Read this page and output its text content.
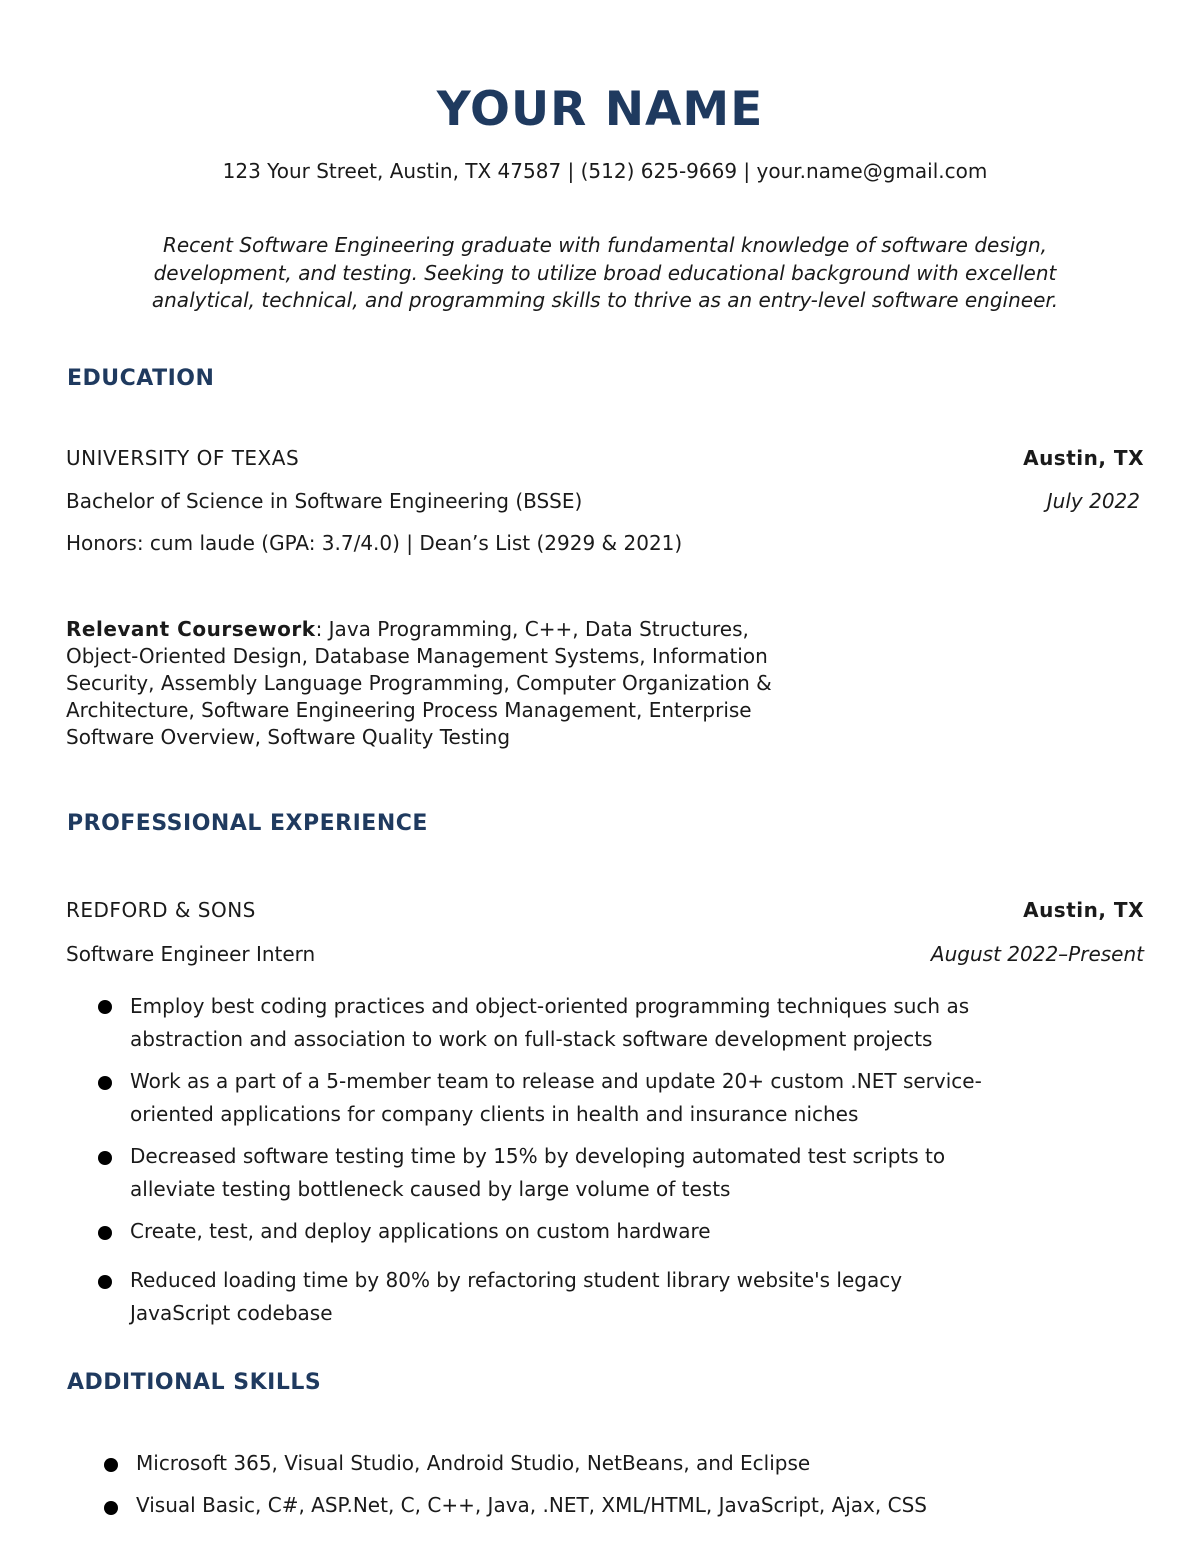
YOUR NAME
123 Your Street, Austin, TX 47587 | (512) 625-9669 | your.name@gmail.com
Recent Software Engineering graduate with fundamental knowledge of software design,
development, and testing. Seeking to utilize broad educational background with excellent
analytical, technical, and programming skills to thrive as an entry-level software engineer.
EDUCATION
UNIVERSITY OF TEXAS	Austin, TX
Bachelor of Science in Software Engineering (BSSE)	July 2022
Honors: cum laude (GPA: 3.7/4.0) | Dean’s List (2929 & 2021)
Relevant Coursework: Java Programming, C++, Data Structures,
Object-Oriented Design, Database Management Systems, Information
Security, Assembly Language Programming, Computer Organization &
Architecture, Software Engineering Process Management, Enterprise
Software Overview, Software Quality Testing
PROFESSIONAL EXPERIENCE
REDFORD & SONS	Austin, TX
Software Engineer Intern	August 2022–Present
Employ best coding practices and object-oriented programming techniques such as
abstraction and association to work on full-stack software development projects
Work as a part of a 5-member team to release and update 20+ custom .NET service-
oriented applications for company clients in health and insurance niches
Decreased software testing time by 15% by developing automated test scripts to
alleviate testing bottleneck caused by large volume of tests
Create, test, and deploy applications on custom hardware
Reduced loading time by 80% by refactoring student library website's legacy
JavaScript codebase
ADDITIONAL SKILLS
Microsoft 365, Visual Studio, Android Studio, NetBeans, and Eclipse
Visual Basic, C#, ASP.Net, C, C++, Java, .NET, XML/HTML, JavaScript, Ajax, CSS
